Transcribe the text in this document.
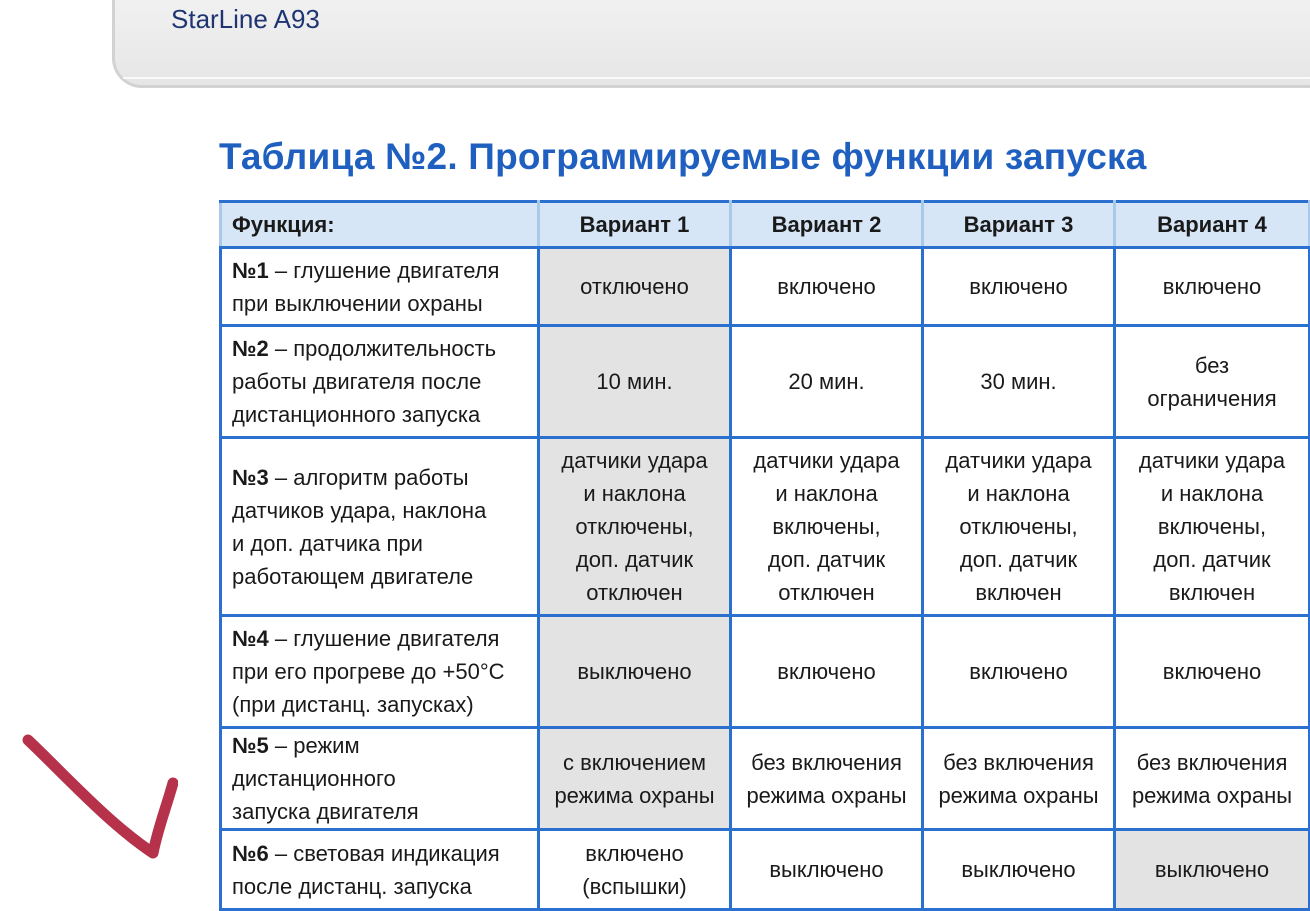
StarLine A93
Таблица №2. Программируемые функции запуска
Функция:	Вариант 1	Вариант 2	Вариант 3	Вариант 4

№1 – глушение двигателя
при выключении охраны	отключено	включено	включено	включено

№2 – продолжительность
работы двигателя после
дистанционного запуска	10 мин.	20 мин.	30 мин.	без
ограничения

№3 – алгоритм работы
датчиков удара, наклона
и доп. датчика при
работающем двигателе	датчики удара
и наклона
отключены,
доп. датчик
отключен	датчики удара
и наклона
включены,
доп. датчик
отключен	датчики удара
и наклона
отключены,
доп. датчик
включен	датчики удара
и наклона
включены,
доп. датчик
включен

№4 – глушение двигателя
при его прогреве до +50°С
(при дистанц. запусках)	выключено	включено	включено	включено

№5 – режим дистанционного
запуска двигателя	с включением
режима охраны	без включения
режима охраны	без включения
режима охраны	без включения
режима охраны

№6 – световая индикация
после дистанц. запуска	включено
(вспышки)	выключено	выключено	выключено
